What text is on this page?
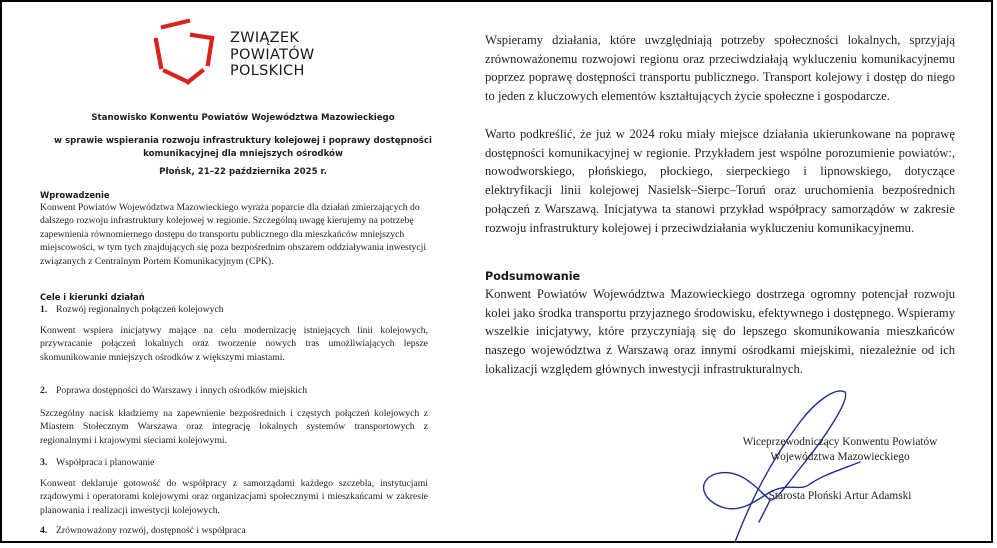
ZWIĄZEK
POWIATÓW
POLSKICH
Stanowisko Konwentu Powiatów Województwa Mazowieckiego
w sprawie wspierania rozwoju infrastruktury kolejowej i poprawy dostępności
komunikacyjnej dla mniejszych ośrodków
Płońsk, 21–22 października 2025 r.
Wprowadzenie
Konwent Powiatów Województwa Mazowieckiego wyraża poparcie dla działań zmierzających do dalszego rozwoju infrastruktury kolejowej w regionie. Szczególną uwagę kierujemy na potrzebę zapewnienia równomiernego dostępu do transportu publicznego dla mieszkańców mniejszych miejscowości, w tym tych znajdujących się poza bezpośrednim obszarem oddziaływania inwestycji związanych z Centralnym Portem Komunikacyjnym (CPK).
Cele i kierunki działań
1. Rozwój regionalnych połączeń kolejowych
Konwent wspiera inicjatywy mające na celu modernizację istniejących linii kolejowych, przywracanie połączeń lokalnych oraz tworzenie nowych tras umożliwiających lepsze skomunikowanie mniejszych ośrodków z większymi miastami.
2. Poprawa dostępności do Warszawy i innych ośrodków miejskich
Szczególny nacisk kładziemy na zapewnienie bezpośrednich i częstych połączeń kolejowych z Miastem Stołecznym Warszawa oraz integrację lokalnych systemów transportowych z regionalnymi i krajowymi sieciami kolejowymi.
3. Współpraca i planowanie
Konwent deklaruje gotowość do współpracy z samorządami każdego szczebla, instytucjami rządowymi i operatorami kolejowymi oraz organizacjami społecznymi i mieszkańcami w zakresie planowania i realizacji inwestycji kolejowych.
4. Zrównoważony rozwój, dostępność i współpraca
Wspieramy działania, które uwzględniają potrzeby społeczności lokalnych, sprzyjają zrównoważonemu rozwojowi regionu oraz przeciwdziałają wykluczeniu komunikacyjnemu poprzez poprawę dostępności transportu publicznego. Transport kolejowy i dostęp do niego to jeden z kluczowych elementów kształtujących życie społeczne i gospodarcze.
Warto podkreślić, że już w 2024 roku miały miejsce działania ukierunkowane na poprawę dostępności komunikacyjnej w regionie. Przykładem jest wspólne porozumienie powiatów:, nowodworskiego, płońskiego, płockiego, sierpeckiego i lipnowskiego, dotyczące elektryfikacji linii kolejowej Nasielsk–Sierpc–Toruń oraz uruchomienia bezpośrednich połączeń z Warszawą. Inicjatywa ta stanowi przykład współpracy samorządów w zakresie rozwoju infrastruktury kolejowej i przeciwdziałania wykluczeniu komunikacyjnemu.
Podsumowanie
Konwent Powiatów Województwa Mazowieckiego dostrzega ogromny potencjał rozwoju kolei jako środka transportu przyjaznego środowisku, efektywnego i dostępnego. Wspieramy wszelkie inicjatywy, które przyczyniają się do lepszego skomunikowania mieszkańców naszego województwa z Warszawą oraz innymi ośrodkami miejskimi, niezależnie od ich lokalizacji względem głównych inwestycji infrastrukturalnych.
Wiceprzewodniczący Konwentu Powiatów
Województwa Mazowieckiego
Starosta Płoński Artur Adamski
